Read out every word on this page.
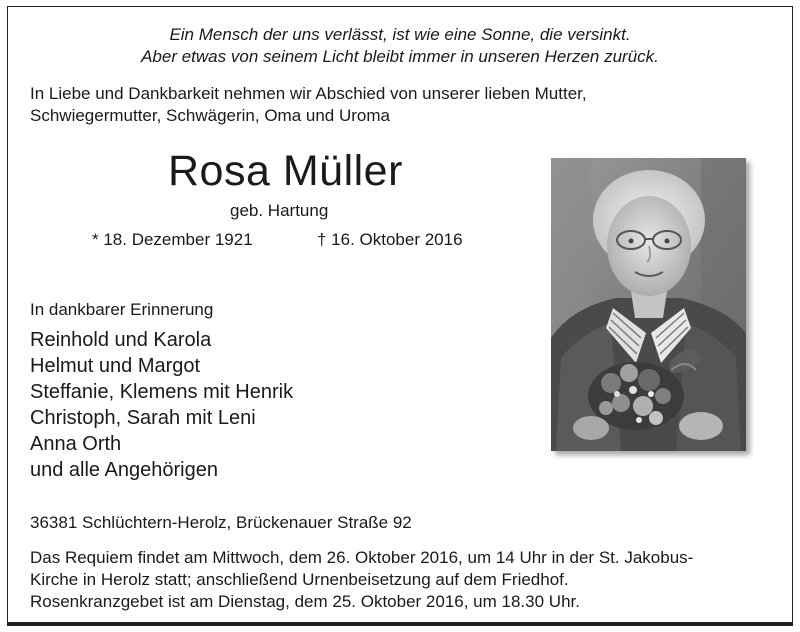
Ein Mensch der uns verlässt, ist wie eine Sonne, die versinkt.
Aber etwas von seinem Licht bleibt immer in unseren Herzen zurück.
In Liebe und Dankbarkeit nehmen wir Abschied von unserer lieben Mutter,
Schwiegermutter, Schwägerin, Oma und Uroma
Rosa Müller
geb. Hartung
* 18. Dezember 1921	† 16. Oktober 2016
In dankbarer Erinnerung
Reinhold und Karola
Helmut und Margot
Steffanie, Klemens mit Henrik
Christoph, Sarah mit Leni
Anna Orth
und alle Angehörigen
36381 Schlüchtern-Herolz, Brückenauer Straße 92
Das Requiem findet am Mittwoch, dem 26. Oktober 2016, um 14 Uhr in der St. Jakobus-
Kirche in Herolz statt; anschließend Urnenbeisetzung auf dem Friedhof.
Rosenkranzgebet ist am Dienstag, dem 25. Oktober 2016, um 18.30 Uhr.
